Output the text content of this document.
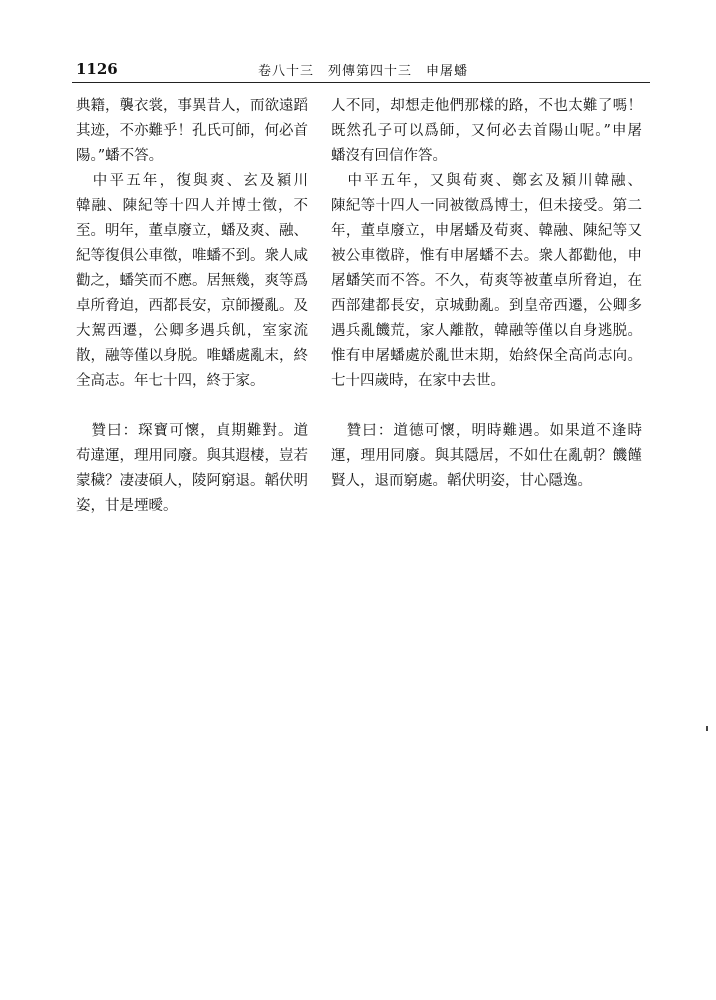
1126	卷八十三　列傳第四十三　申屠蟠
典籍，襲衣裳，事異昔人，而欲遠蹈
其迹，不亦難乎！孔氏可師，何必首
陽。”蟠不答。
　中平五年，復與爽、玄及潁川
韓融、陳紀等十四人并博士徵，不
至。明年，董卓廢立，蟠及爽、融、
紀等復俱公車徵，唯蟠不到。衆人咸
勸之，蟠笑而不應。居無幾，爽等爲
卓所脅迫，西都長安，京師擾亂。及
大駕西遷，公卿多遇兵飢，室家流
散，融等僅以身脱。唯蟠處亂末，終
全高志。年七十四，終于家。
　贊曰：琛寶可懷，貞期難對。道
苟違運，理用同廢。與其遐棲，豈若
蒙穢？凄凄碩人，陵阿窮退。韜伏明
姿，甘是堙曖。
人不同，却想走他們那樣的路，不也太難了嗎！
既然孔子可以爲師，又何必去首陽山呢。”申屠
蟠沒有回信作答。
　中平五年，又與荀爽、鄭玄及潁川韓融、
陳紀等十四人一同被徵爲博士，但未接受。第二
年，董卓廢立，申屠蟠及荀爽、韓融、陳紀等又
被公車徵辟，惟有申屠蟠不去。衆人都勸他，申
屠蟠笑而不答。不久，荀爽等被董卓所脅迫，在
西部建都長安，京城動亂。到皇帝西遷，公卿多
遇兵亂饑荒，家人離散，韓融等僅以自身逃脱。
惟有申屠蟠處於亂世末期，始終保全高尚志向。
七十四歲時，在家中去世。
　贊曰：道德可懷，明時難遇。如果道不逢時
運，理用同廢。與其隱居，不如仕在亂朝？饑饉
賢人，退而窮處。韜伏明姿，甘心隱逸。
